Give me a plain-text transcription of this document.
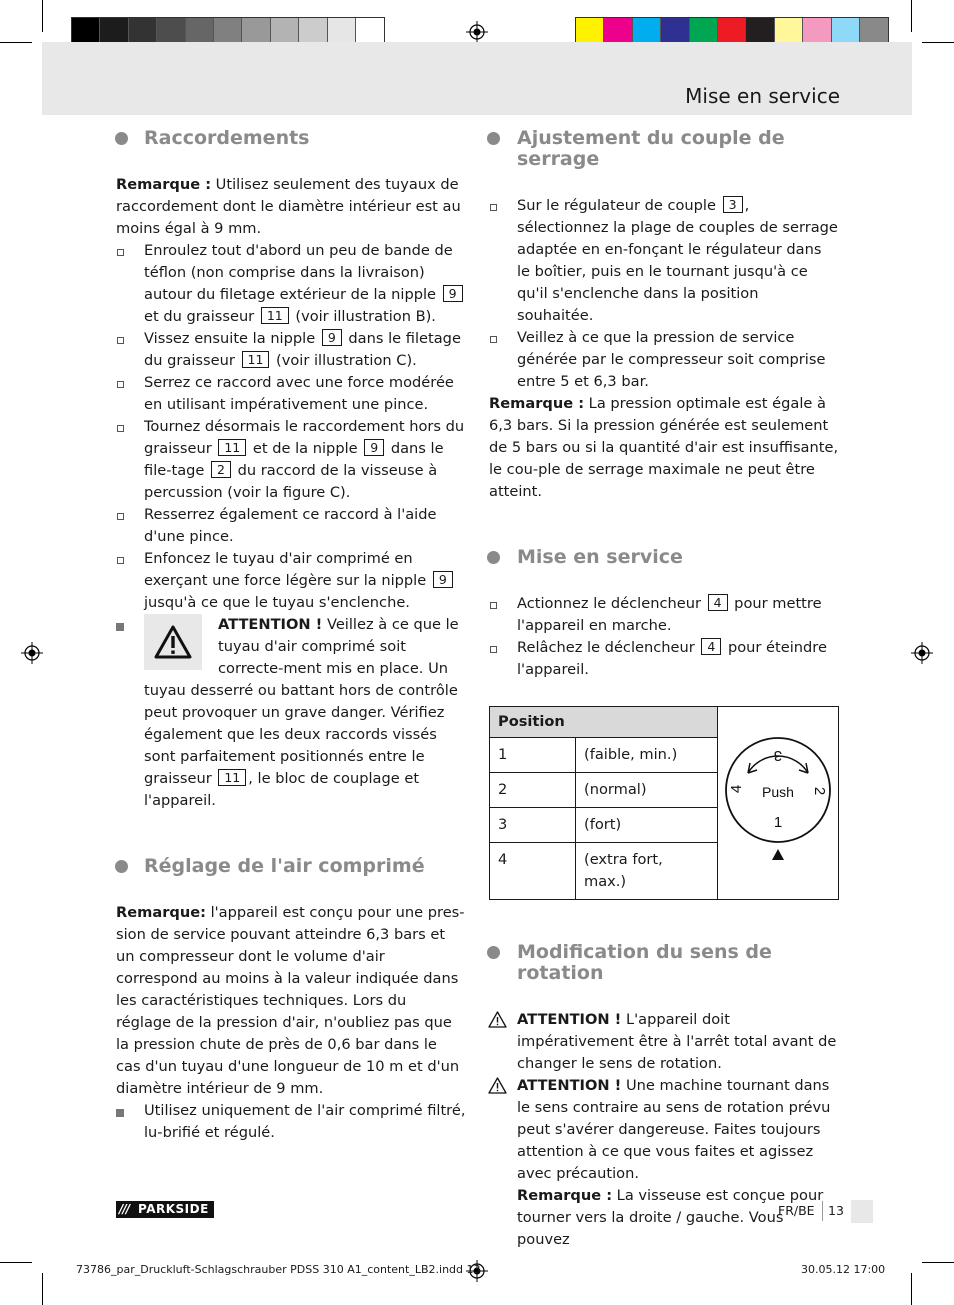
Mise en service
Raccordements

Remarque : Utilisez seulement des tuyaux de raccordement dont le diamètre intérieur est au moins égal à 9 mm.

Enroulez tout d'abord un peu de bande de téflon (non comprise dans la livraison) autour du filetage extérieur de la nipple 9 et du graisseur 11 (voir illustration B).
Vissez ensuite la nipple 9 dans le filetage du graisseur 11 (voir illustration C).
Serrez ce raccord avec une force modérée en utilisant impérativement une pince.
Tournez désormais le raccordement hors du graisseur 11 et de la nipple 9 dans le file-tage 2 du raccord de la visseuse à percussion (voir la figure C).
Resserrez également ce raccord à l'aide d'une pince.
Enfoncez le tuyau d'air comprimé en exerçant une force légère sur la nipple 9 jusqu'à ce que le tuyau s'enclenche.
ATTENTION ! Veillez à ce que le tuyau d'air comprimé soit correcte-ment mis en place. Un tuyau desserré ou battant hors de contrôle peut provoquer un grave danger. Vérifiez également que les deux raccords vissés sont parfaitement positionnés entre le graisseur 11 , le bloc de couplage et l'appareil.
Réglage de l'air comprimé

Remarque: l'appareil est conçu pour une pres-sion de service pouvant atteindre 6,3 bars et un compresseur dont le volume d'air correspond au moins à la valeur indiquée dans les caractéristiques techniques. Lors du réglage de la pression d'air, n'oubliez pas que la pression chute de près de 0,6 bar dans le cas d'un tuyau d'une longueur de 10 m et d'un diamètre intérieur de 9 mm.

Utilisez uniquement de l'air comprimé filtré, lu-brifié et régulé.
Ajustement du couple de serrage
Sur le régulateur de couple 3 , sélectionnez la plage de couples de serrage adaptée en en-fonçant le régulateur dans le boîtier, puis en le tournant jusqu'à ce qu'il s'enclenche dans la position souhaitée.
Veillez à ce que la pression de service générée par le compresseur soit comprise entre 5 et 6,3 bar.

Remarque : La pression optimale est égale à 6,3 bars. Si la pression générée est seulement de 5 bars ou si la quantité d'air est insuffisante, le cou-ple de serrage maximale ne peut être atteint.

Mise en service
Actionnez le déclencheur 4 pour mettre l'appareil en marche.
Relâchez le déclencheur 4 pour éteindre l'appareil.
Position		Push
1
2
3
4

1	(faible, min.)	
2	(normal)	
3	(fort)	
4	(extra fort, max.)	
Modification du sens de rotation
ATTENTION ! L'appareil doit impérativement être à l'arrêt total avant de changer le sens de rotation.
ATTENTION ! Une machine tournant dans le sens contraire au sens de rotation prévu peut s'avérer dangereuse. Faites toujours attention à ce que vous faites et agissez avec précaution.
Remarque : La visseuse est conçue pour tourner vers la droite / gauche. Vous pouvez
/// PARKSIDE	FR/BE	13
73786_par_Druckluft-Schlagschrauber PDSS 310 A1_content_LB2.indd 13	30.05.12 17:00
